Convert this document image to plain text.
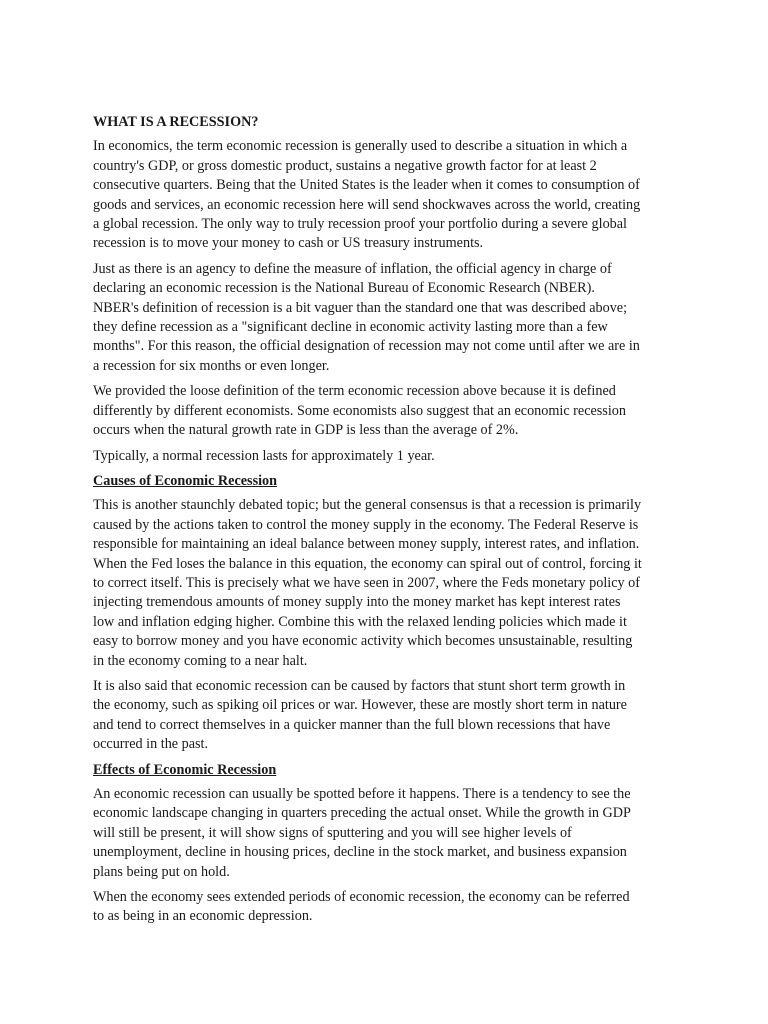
WHAT IS A RECESSION?

In economics, the term economic recession is generally used to describe a situation in which a country's GDP, or gross domestic product, sustains a negative growth factor for at least 2 consecutive quarters. Being that the United States is the leader when it comes to consumption of goods and services, an economic recession here will send shockwaves across the world, creating a global recession. The only way to truly recession proof your portfolio during a severe global recession is to move your money to cash or US treasury instruments.

Just as there is an agency to define the measure of inflation, the official agency in charge of declaring an economic recession is the National Bureau of Economic Research (NBER). NBER's definition of recession is a bit vaguer than the standard one that was described above; they define recession as a "significant decline in economic activity lasting more than a few months". For this reason, the official designation of recession may not come until after we are in a recession for six months or even longer.

We provided the loose definition of the term economic recession above because it is defined differently by different economists. Some economists also suggest that an economic recession occurs when the natural growth rate in GDP is less than the average of 2%.

Typically, a normal recession lasts for approximately 1 year.

Causes of Economic Recession

This is another staunchly debated topic; but the general consensus is that a recession is primarily caused by the actions taken to control the money supply in the economy. The Federal Reserve is responsible for maintaining an ideal balance between money supply, interest rates, and inflation. When the Fed loses the balance in this equation, the economy can spiral out of control, forcing it to correct itself. This is precisely what we have seen in 2007, where the Feds monetary policy of injecting tremendous amounts of money supply into the money market has kept interest rates low and inflation edging higher. Combine this with the relaxed lending policies which made it easy to borrow money and you have economic activity which becomes unsustainable, resulting in the economy coming to a near halt.

It is also said that economic recession can be caused by factors that stunt short term growth in the economy, such as spiking oil prices or war. However, these are mostly short term in nature and tend to correct themselves in a quicker manner than the full blown recessions that have occurred in the past.

Effects of Economic Recession

An economic recession can usually be spotted before it happens. There is a tendency to see the economic landscape changing in quarters preceding the actual onset. While the growth in GDP will still be present, it will show signs of sputtering and you will see higher levels of unemployment, decline in housing prices, decline in the stock market, and business expansion plans being put on hold.

When the economy sees extended periods of economic recession, the economy can be referred to as being in an economic depression.
